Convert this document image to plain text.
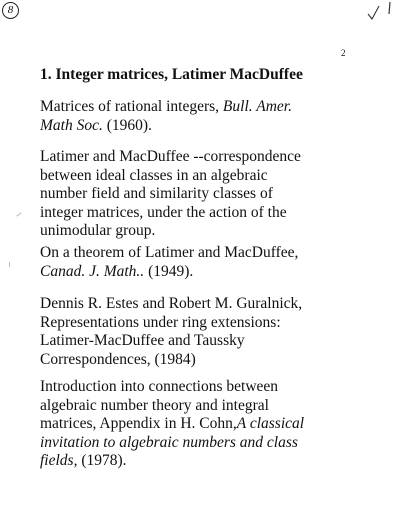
8
2
1. Integer matrices, Latimer MacDuffee
Matrices of rational integers, Bull. Amer.
Math Soc. (1960).
Latimer and MacDuffee --correspondence
between ideal classes in an algebraic
number field and similarity classes of
integer matrices, under the action of the
unimodular group.
On a theorem of Latimer and MacDuffee,
Canad. J. Math.. (1949).
Dennis R. Estes and Robert M. Guralnick,
Representations under ring extensions:
Latimer-MacDuffee and Taussky
Correspondences, (1984)
Introduction into connections between
algebraic number theory and integral
matrices, Appendix in H. Cohn,A classical
invitation to algebraic numbers and class
fields, (1978).
